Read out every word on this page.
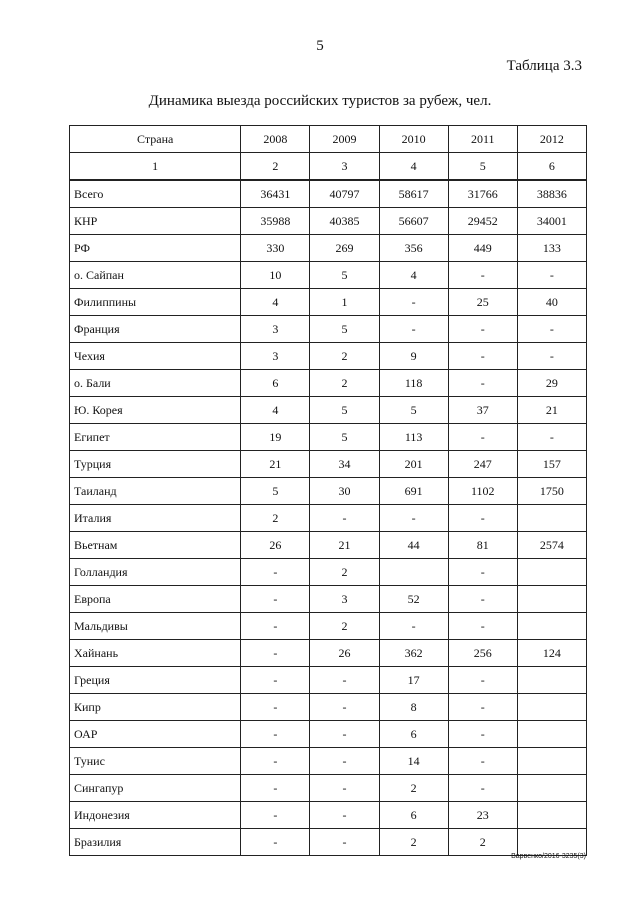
5
Таблица 3.3
Динамика выезда российских туристов за рубеж, чел.
Страна	2008	2009	2010	2011	2012
1	2	3	4	5	6
Всего	36431	40797	58617	31766	38836
КНР	35988	40385	56607	29452	34001
РФ	330	269	356	449	133
о. Сайпан	10	5	4	-	-
Филиппины	4	1	-	25	40
Франция	3	5	-	-	-
Чехия	3	2	9	-	-
о. Бали	6	2	118	-	29
Ю. Корея	4	5	5	37	21
Египет	19	5	113	-	-
Турция	21	34	201	247	157
Таиланд	5	30	691	1102	1750
Италия	2	-	-	-	
Вьетнам	26	21	44	81	2574
Голландия	-	2		-	
Европа	-	3	52	-	
Мальдивы	-	2	-	-	
Хайнань	-	26	362	256	124
Греция	-	-	17	-	
Кипр	-	-	8	-	
ОАР	-	-	6	-	
Тунис	-	-	14	-	
Сингапур	-	-	2	-	
Индонезия	-	-	6	23	
Бразилия	-	-	2	2	
Варвенко/2016-3235(3)
